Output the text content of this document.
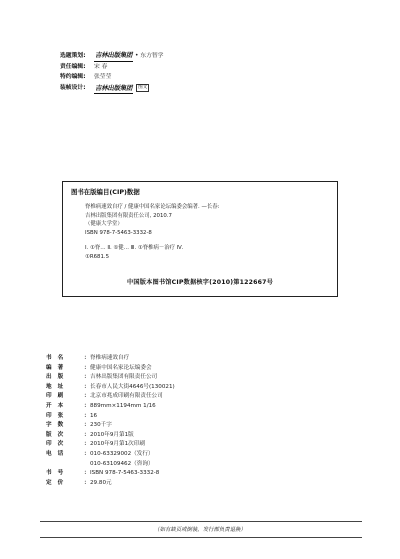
选题策划:	吉林出版集团 • 东方智学
责任编辑:	宋 春
特约编辑:	张莹莹
装帧设计:	吉林出版集团	图文
图书在版编目(CIP)数据
脊椎病速效自疗 / 健康中国名家论坛编委会编著. —长春:
吉林出版集团有限责任公司, 2010.7
（健康大学堂）
ISBN 978-7-5463-3332-8
Ⅰ. ①脊… Ⅱ. ①健… Ⅲ. ①脊椎病－治疗 Ⅳ.
①R681.5
中国版本图书馆CIP数据核字(2010)第122667号
书名	： 脊椎病速效自疗
编著	： 健康中国名家论坛编委会
出版	： 吉林出版集团有限责任公司
地址	： 长春市人民大街4646号(130021)
印刷	： 北京市兆成印刷有限责任公司
开本	： 889mm×1194mm 1/16
印张	： 16
字数	： 230千字
版次	： 2010年9月第1版
印次	： 2010年9月第1次印刷
电话	： 010-63329002（发行）
010-63109462（咨询）
书号	： ISBN 978-7-5463-3332-8
定价	： 29.80元
（如有缺页或倒装，发行部负责退换）
